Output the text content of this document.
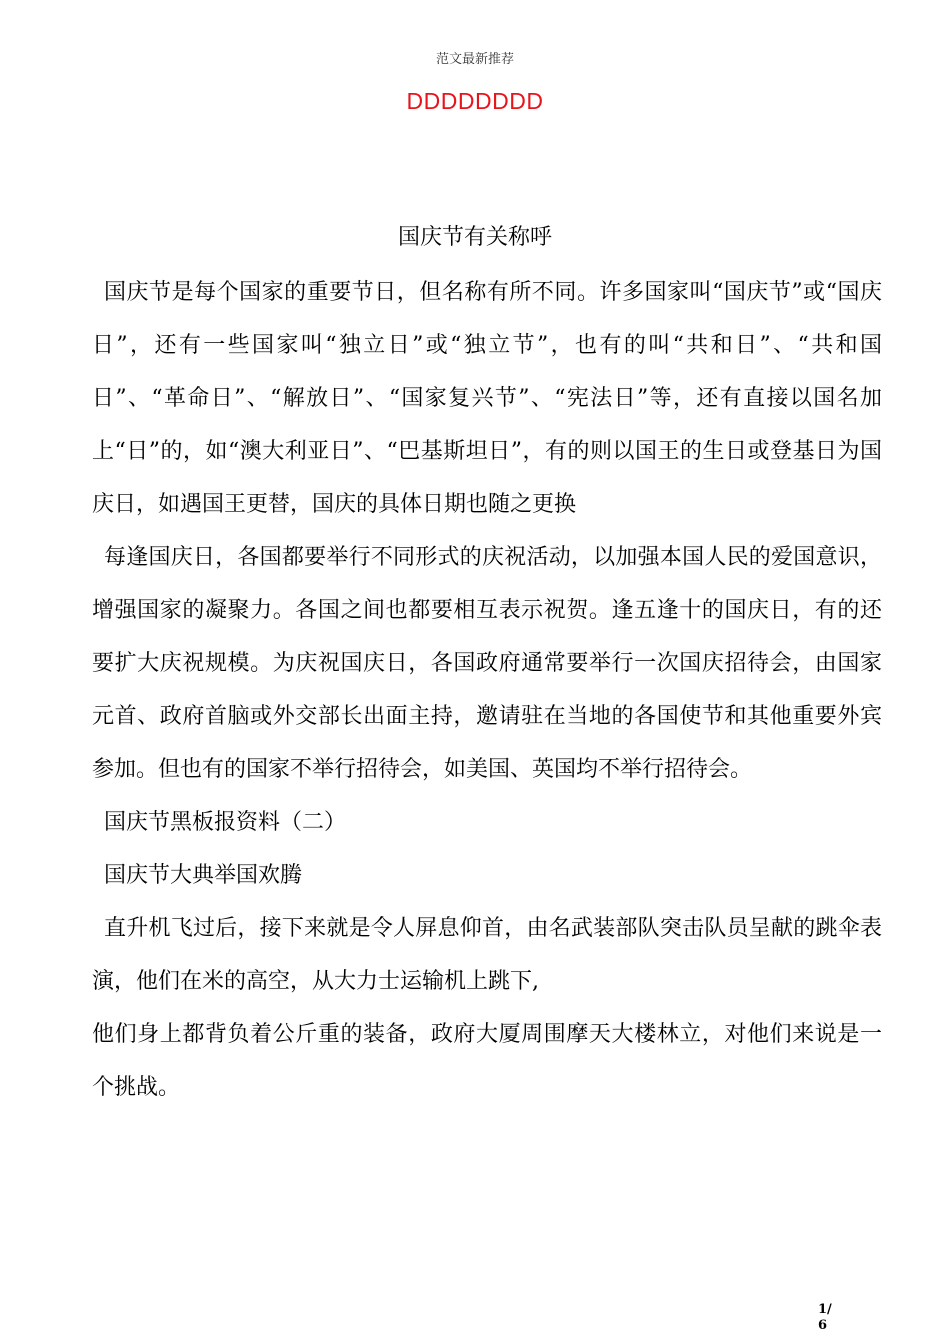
范文最新推荐
DDDDDDDD
国庆节有关称呼

国庆节是每个国家的重要节日，但名称有所不同。许多国家叫“国庆节”或“国庆日”，还有一些国家叫“独立日”或“独立节”，也有的叫“共和日”、“共和国日”、“革命日”、“解放日”、“国家复兴节”、“宪法日”等，还有直接以国名加上“日”的，如“澳大利亚日”、“巴基斯坦日”，有的则以国王的生日或登基日为国庆日，如遇国王更替，国庆的具体日期也随之更换

每逢国庆日，各国都要举行不同形式的庆祝活动，以加强本国人民的爱国意识，增强国家的凝聚力。各国之间也都要相互表示祝贺。逢五逢十的国庆日，有的还要扩大庆祝规模。为庆祝国庆日，各国政府通常要举行一次国庆招待会，由国家元首、政府首脑或外交部长出面主持，邀请驻在当地的各国使节和其他重要外宾参加。但也有的国家不举行招待会，如美国、英国均不举行招待会。

国庆节黑板报资料（二）

国庆节大典举国欢腾

直升机飞过后，接下来就是令人屏息仰首，由名武装部队突击队员呈献的跳伞表演，他们在米的高空，从大力士运输机上跳下,

他们身上都背负着公斤重的装备，政府大厦周围摩天大楼林立，对他们来说是一个挑战。

1/6
